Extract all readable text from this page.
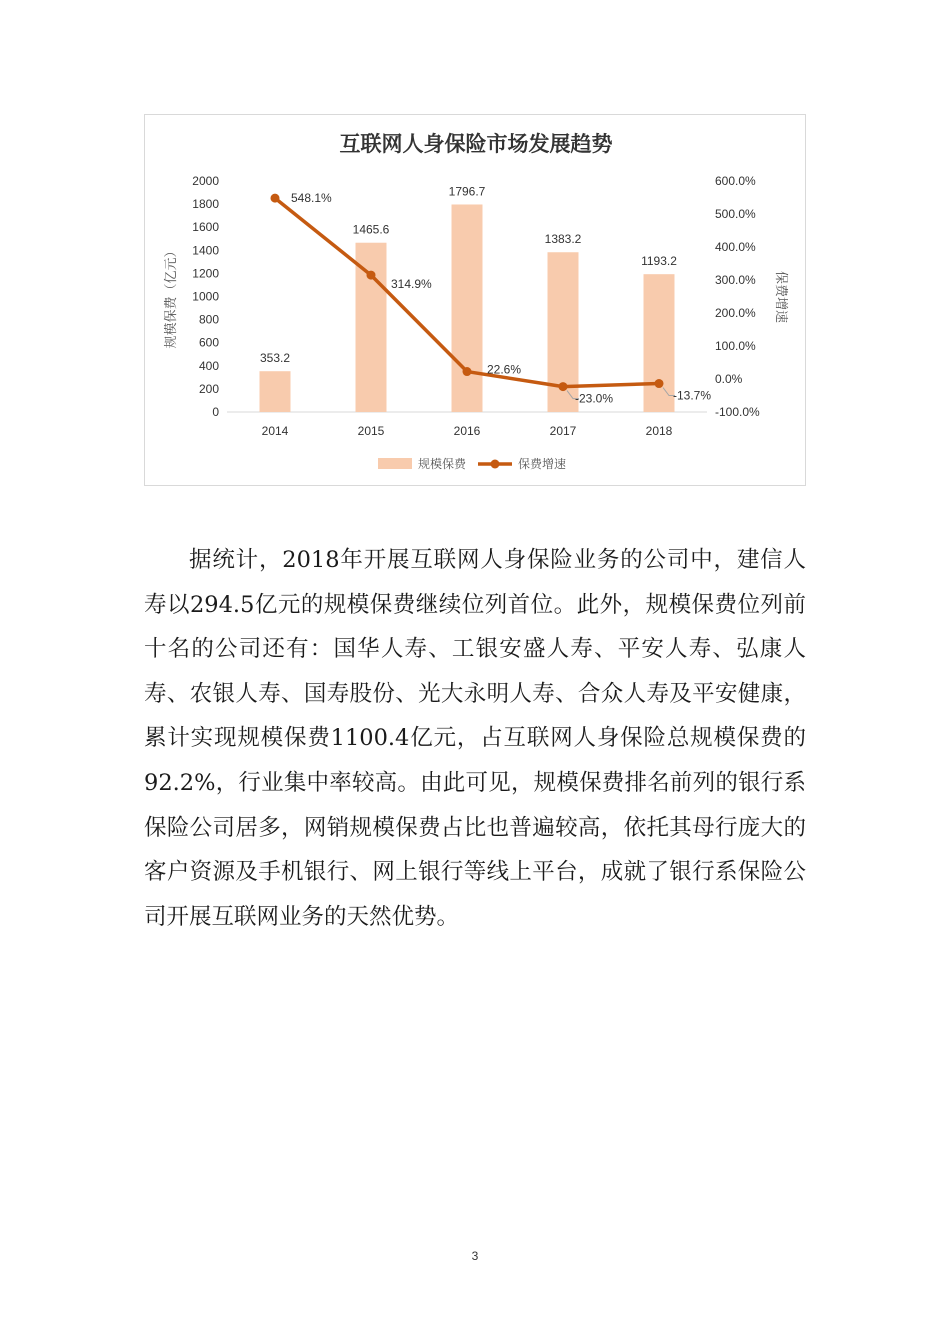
互联网人身保险市场发展趋势
0
200
400
600
800
1000
1200
1400
1600
1800
2000
-100.0%
0.0%
100.0%
200.0%
300.0%
400.0%
500.0%
600.0%
规模保费（亿元）	保费增速
2014	2015	2016	2017	2018
353.2
1465.6
1796.7
1383.2
1193.2
548.1%
314.9%
22.6%
-23.0%	-13.7%
规模保费	保费增速

据统计，2018年开展互联网人身保险业务的公司中，建信人寿以294.5亿元的规模保费继续位列首位。此外，规模保费位列前十名的公司还有：国华人寿、工银安盛人寿、平安人寿、弘康人寿、农银人寿、国寿股份、光大永明人寿、合众人寿及平安健康，累计实现规模保费1100.4亿元，占互联网人身保险总规模保费的92.2%，行业集中率较高。由此可见，规模保费排名前列的银行系保险公司居多，网销规模保费占比也普遍较高，依托其母行庞大的客户资源及手机银行、网上银行等线上平台，成就了银行系保险公司开展互联网业务的天然优势。

3
